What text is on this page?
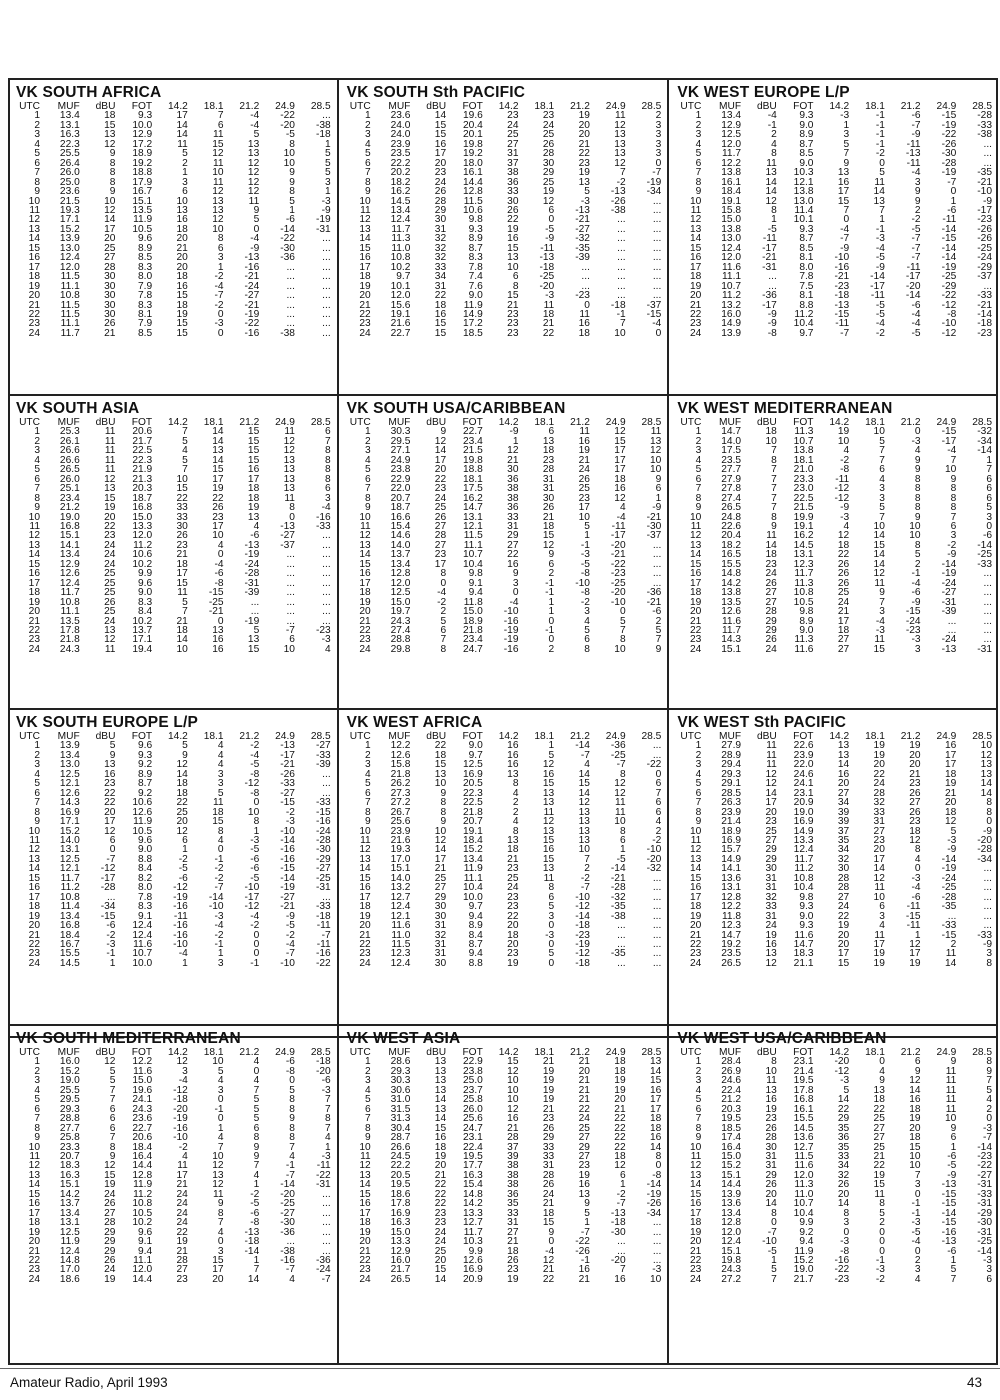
VK SOUTH AFRICA
UTC	MUF	dBU	FOT	14.2	18.1	21.2	24.9	28.5
1	13.4	18	9.3	17	7	-4	-22	...
2	13.1	15	10.0	14	6	-4	-20	-38
3	16.3	13	12.9	14	11	5	-5	-18
4	22.3	12	17.2	11	15	13	8	1
5	25.5	9	18.9	5	12	13	10	5
6	26.4	8	19.2	2	11	12	10	5
7	26.0	8	18.8	1	10	12	9	5
8	25.0	8	17.9	3	11	12	9	3
9	23.6	9	16.7	6	12	12	8	1
10	21.5	10	15.1	10	13	11	5	-3
11	19.3	12	13.5	13	13	9	1	-9
12	17.1	14	11.9	16	12	5	-6	-19
13	15.2	17	10.5	18	10	0	-14	-31
14	13.9	20	9.6	20	8	-4	-22	...
15	13.0	25	8.9	21	6	-9	-30	...
16	12.4	27	8.5	20	3	-13	-36	...
17	12.0	28	8.3	20	1	-16	...	...
18	11.5	30	8.0	18	-2	-21	...	...
19	11.1	30	7.9	16	-4	-24	...	...
20	10.8	30	7.8	15	-7	-27	...	...
21	11.5	30	8.3	18	-2	-21	...	...
22	11.5	30	8.1	19	0	-19	...	...
23	11.1	26	7.9	15	-3	-22	...	...
24	11.7	21	8.5	15	0	-16	-38	...
VK SOUTH Sth PACIFIC
UTC	MUF	dBU	FOT	14.2	18.1	21.2	24.9	28.5
1	23.6	14	19.6	23	23	19	11	2
2	24.0	15	20.4	24	24	20	12	3
3	24.0	15	20.1	25	25	20	13	3
4	23.9	16	19.8	27	26	21	13	3
5	23.5	17	19.2	31	28	22	13	3
6	22.2	20	18.0	37	30	23	12	0
7	20.2	23	16.1	38	29	19	7	-7
8	18.2	24	14.4	36	25	13	-2	-19
9	16.2	26	12.8	33	19	5	-13	-34
10	14.5	28	11.5	30	12	-3	-26	...
11	13.4	29	10.6	26	6	-13	-38	...
12	12.4	30	9.8	22	0	-21	...	...
13	11.7	31	9.3	19	-5	-27	...	...
14	11.3	32	8.9	16	-9	-32	...	...
15	11.0	32	8.7	15	-11	-35	...	...
16	10.8	32	8.3	13	-13	-39	...	...
17	10.2	33	7.8	10	-18	...	...	...
18	9.7	34	7.4	6	-25	...	...	...
19	10.1	31	7.6	8	-20	...	...	...
20	12.0	22	9.0	15	-3	-23	...	...
21	15.6	18	11.9	21	11	0	-18	-37
22	19.1	16	14.9	23	18	11	-1	-15
23	21.6	15	17.2	23	21	16	7	-4
24	22.7	15	18.5	23	22	18	10	0
VK WEST EUROPE L/P
UTC	MUF	dBU	FOT	14.2	18.1	21.2	24.9	28.5
1	13.4	-4	9.3	-3	-1	-6	-15	-28
2	12.9	-1	9.0	1	-1	-7	-19	-33
3	12.5	2	8.9	3	-1	-9	-22	-38
4	12.0	4	8.7	5	-1	-11	-26	...
5	11.7	8	8.5	7	-2	-13	-30	...
6	12.2	11	9.0	9	0	-11	-28	...
7	13.8	13	10.3	13	5	-4	-19	-35
8	16.1	14	12.1	16	11	3	-7	-21
9	18.4	14	13.8	17	14	9	0	-10
10	19.1	12	13.0	15	13	9	1	-9
11	15.8	8	11.4	7	7	2	-6	-17
12	15.0	1	10.1	0	1	-2	-11	-23
13	13.8	-5	9.3	-4	-1	-5	-14	-26
14	13.0	-11	8.7	-7	-3	-7	-15	-26
15	12.4	-17	8.5	-9	-4	-7	-14	-25
16	12.0	-21	8.1	-10	-5	-7	-14	-24
17	11.6	-31	8.0	-16	-9	-11	-19	-29
18	11.1	...	7.8	-21	-14	-17	-25	-37
19	10.7	...	7.5	-23	-17	-20	-29	...
20	11.2	-36	8.1	-18	-11	-14	-22	-33
21	13.2	-17	8.8	-13	-5	-6	-12	-21
22	16.0	-9	11.2	-15	-5	-4	-8	-14
23	14.9	-9	10.4	-11	-4	-4	-10	-18
24	13.9	-8	9.7	-7	-2	-5	-12	-23
VK SOUTH ASIA
UTC	MUF	dBU	FOT	14.2	18.1	21.2	24.9	28.5
1	25.3	11	20.6	7	14	15	11	6
2	26.1	11	21.7	5	14	15	12	7
3	26.6	11	22.5	4	13	15	12	8
4	26.6	11	22.3	5	14	15	13	8
5	26.5	11	21.9	7	15	16	13	8
6	26.0	12	21.3	10	17	17	13	8
7	25.1	13	20.3	15	19	18	13	6
8	23.4	15	18.7	22	22	18	11	3
9	21.2	19	16.8	33	26	19	8	-4
10	19.0	20	15.0	33	23	13	0	-16
11	16.8	22	13.3	30	17	4	-13	-33
12	15.1	23	12.0	26	10	-6	-27	...
13	14.1	24	11.2	23	4	-13	-37	...
14	13.4	24	10.6	21	0	-19	...	...
15	12.9	24	10.2	18	-4	-24	...	...
16	12.6	25	9.9	17	-6	-28	...	...
17	12.4	25	9.6	15	-8	-31	...	...
18	11.7	25	9.0	11	-15	-39	...	...
19	10.8	26	8.3	5	-25	...	...	...
20	11.1	25	8.4	7	-21	...	...	...
21	13.5	24	10.2	21	0	-19	...	...
22	17.8	13	13.7	18	13	5	-7	-23
23	21.8	12	17.1	14	16	13	6	-3
24	24.3	11	19.4	10	16	15	10	4
VK SOUTH USA/CARIBBEAN
UTC	MUF	dBU	FOT	14.2	18.1	21.2	24.9	28.5
1	30.3	9	22.7	-9	6	11	12	11
2	29.5	12	23.4	1	13	16	15	13
3	27.1	14	21.5	12	18	19	17	12
4	24.9	17	19.8	21	23	21	17	10
5	23.8	20	18.8	30	28	24	17	10
6	22.9	22	18.1	36	31	26	18	9
7	22.0	23	17.5	38	31	25	16	6
8	20.7	24	16.2	38	30	23	12	1
9	18.7	25	14.7	36	26	17	4	-9
10	16.6	26	13.1	33	21	10	-4	-21
11	15.4	27	12.1	31	18	5	-11	-30
12	14.6	28	11.5	29	15	1	-17	-37
13	14.0	27	11.1	27	12	-1	-20	...
14	13.7	23	10.7	22	9	-3	-21	...
15	13.4	17	10.4	16	6	-5	-22	...
16	12.8	8	9.8	9	2	-8	-23	...
17	12.0	0	9.1	3	-1	-10	-25	...
18	12.5	-4	9.4	0	-1	-8	-20	-36
19	15.0	-2	11.8	-4	1	-2	-10	-21
20	19.7	2	15.0	-10	1	3	0	-6
21	24.3	5	18.9	-16	0	4	5	2
22	27.4	6	21.8	-19	-1	5	7	5
23	28.8	7	23.4	-19	0	6	8	7
24	29.8	8	24.7	-16	2	8	10	9
VK WEST MEDITERRANEAN
UTC	MUF	dBU	FOT	14.2	18.1	21.2	24.9	28.5
1	14.7	18	11.3	19	10	0	-15	-32
2	14.0	10	10.7	10	5	-3	-17	-34
3	17.5	7	13.8	4	7	4	-4	-14
4	23.5	8	18.1	-2	7	9	7	1
5	27.7	7	21.0	-8	6	9	10	7
6	27.9	7	23.3	-11	4	8	9	6
7	27.8	7	23.0	-12	3	8	8	6
8	27.4	7	22.5	-12	3	8	8	6
9	26.5	7	21.5	-9	5	8	8	5
10	24.8	8	19.9	-3	7	9	7	3
11	22.6	9	19.1	4	10	10	6	0
12	20.4	11	16.2	12	14	10	3	-6
13	18.2	14	14.5	18	15	8	-2	-14
14	16.5	18	13.1	22	14	5	-9	-25
15	15.5	23	12.3	26	14	2	-14	-33
16	14.8	24	11.7	26	12	-1	-19	...
17	14.2	26	11.3	26	11	-4	-24	...
18	13.8	27	10.8	25	9	-6	-27	...
19	13.5	27	10.5	24	7	-9	-31	...
20	12.6	28	9.8	21	3	-15	-39	...
21	11.6	29	8.9	17	-4	-24	...	...
22	11.7	29	9.0	18	-3	-23	...	...
23	14.3	26	11.3	27	11	-3	-24	...
24	15.1	24	11.6	27	15	3	-13	-31
VK SOUTH EUROPE L/P
UTC	MUF	dBU	FOT	14.2	18.1	21.2	24.9	28.5
1	13.9	5	9.6	5	4	-2	-13	-27
2	13.4	9	9.3	9	4	-4	-17	-33
3	13.0	13	9.2	12	4	-5	-21	-39
4	12.5	16	8.9	14	3	-8	-26	...
5	12.1	23	8.7	18	3	-12	-33	...
6	12.6	22	9.2	18	5	-8	-27	...
7	14.3	22	10.6	22	11	0	-15	-33
8	16.9	20	12.6	25	18	10	-2	-15
9	17.1	17	11.9	20	15	8	-3	-16
10	15.2	12	10.5	12	8	1	-10	-24
11	14.0	6	9.6	6	4	-3	-14	-28
12	13.1	0	9.0	1	0	-5	-16	-30
13	12.5	-7	8.8	-2	-1	-6	-16	-29
14	12.1	-12	8.4	-5	-2	-6	-15	-27
15	11.7	-17	8.2	-6	-2	-5	-14	-25
16	11.2	-28	8.0	-12	-7	-10	-19	-31
17	10.8	...	7.8	-19	-14	-17	-27	...
18	11.4	-34	8.3	-16	-10	-12	-21	-33
19	13.4	-15	9.1	-11	-3	-4	-9	-18
20	16.8	-6	12.4	-16	-4	-2	-5	-11
21	18.4	-2	12.4	-16	-2	0	-2	-7
22	16.7	-3	11.6	-10	-1	0	-4	-11
23	15.5	-1	10.7	-4	1	0	-7	-16
24	14.5	1	10.0	1	3	-1	-10	-22
VK WEST AFRICA
UTC	MUF	dBU	FOT	14.2	18.1	21.2	24.9	28.5
1	12.2	22	9.0	16	1	-14	-36	...
2	12.6	18	9.7	16	5	-7	-25	...
3	15.8	15	12.5	16	12	4	-7	-22
4	21.8	13	16.9	13	16	14	8	0
5	26.2	10	20.5	8	15	15	12	6
6	27.3	9	22.3	4	13	14	12	7
7	27.2	8	22.5	2	13	12	11	6
8	26.7	8	21.8	2	11	13	11	6
9	25.6	9	20.7	4	12	13	10	4
10	23.9	10	19.1	8	13	13	8	2
11	21.6	12	18.4	13	15	13	6	-2
12	19.3	14	15.2	18	16	10	1	-10
13	17.0	17	13.4	21	15	7	-5	-20
14	15.1	21	11.9	23	13	2	-14	-32
15	14.0	25	11.1	25	11	-2	-21	...
16	13.2	27	10.4	24	8	-7	-28	...
17	12.7	29	10.0	23	6	-10	-32	...
18	12.4	30	9.7	23	5	-12	-35	...
19	12.1	30	9.4	22	3	-14	-38	...
20	11.6	31	8.9	20	0	-18	...	...
21	11.0	32	8.4	18	-3	-23	...	...
22	11.5	31	8.7	20	0	-19	...	...
23	12.3	31	9.4	23	5	-12	-35	...
24	12.4	30	8.8	19	0	-18	...	...
VK WEST Sth PACIFIC
UTC	MUF	dBU	FOT	14.2	18.1	21.2	24.9	28.5
1	27.9	11	22.6	13	19	19	16	10
2	28.9	11	23.9	13	19	20	17	12
3	29.4	11	22.0	14	20	20	17	13
4	29.3	12	24.6	16	22	21	18	13
5	29.1	12	24.1	20	24	23	19	14
6	28.5	14	23.1	27	28	26	21	14
7	26.3	17	20.9	34	32	27	20	8
8	23.9	20	19.0	39	33	26	18	8
9	21.4	23	16.9	39	31	23	12	0
10	18.9	25	14.9	37	27	18	5	-9
11	16.9	27	13.3	35	23	12	-3	-20
12	15.7	29	12.4	34	20	8	-9	-28
13	14.9	29	11.7	32	17	4	-14	-34
14	14.1	30	11.2	30	14	0	-19	...
15	13.6	31	10.8	28	12	-3	-24	...
16	13.1	31	10.4	28	11	-4	-25	...
17	12.8	32	9.8	27	10	-6	-28	...
18	12.2	33	9.3	24	6	-11	-35	...
19	11.8	31	9.0	22	3	-15	...	...
20	12.3	24	9.3	19	4	-11	-33	...
21	14.7	19	11.6	20	11	1	-15	-33
22	19.2	16	14.7	20	17	12	2	-9
23	23.5	13	18.3	17	19	17	11	3
24	26.5	12	21.1	15	19	19	14	8
VK SOUTH MEDITERRANEAN
UTC	MUF	dBU	FOT	14.2	18.1	21.2	24.9	28.5
1	16.0	12	12.2	12	10	4	-6	-18
2	15.2	5	11.6	3	5	0	-8	-20
3	19.0	5	15.0	-4	4	4	0	-6
4	25.5	7	19.6	-12	3	7	5	-3
5	29.5	7	24.1	-18	0	5	8	7
6	29.3	6	24.3	-20	-1	5	8	7
7	28.8	6	23.6	-19	0	5	9	8
8	27.7	6	22.7	-16	1	6	8	7
9	25.8	7	20.6	-10	4	8	8	4
10	23.3	8	18.4	-2	7	9	7	1
11	20.7	9	16.4	4	10	9	4	-3
12	18.3	12	14.4	11	12	7	-1	-11
13	16.3	15	12.8	17	13	4	-7	-22
14	15.1	19	11.9	21	12	1	-14	-31
15	14.2	24	11.2	24	11	-2	-20	...
16	13.7	26	10.8	24	9	-5	-25	...
17	13.4	27	10.5	24	8	-6	-27	...
18	13.1	28	10.2	24	7	-8	-30	...
19	12.5	29	9.6	22	4	-13	-36	...
20	11.9	29	9.1	19	0	-18	...	...
21	12.4	29	9.4	21	3	-14	-38	...
22	14.8	26	11.1	28	15	1	-16	-36
23	17.0	24	12.0	27	17	7	-7	-24
24	18.6	19	14.4	23	20	14	4	-7
VK WEST ASIA
UTC	MUF	dBU	FOT	14.2	18.1	21.2	24.9	28.5
1	28.6	13	22.9	15	21	21	18	13
2	29.3	13	23.8	12	19	20	18	14
3	30.3	13	25.0	10	19	21	19	15
4	30.6	13	23.7	10	19	21	19	16
5	31.0	14	25.8	10	19	21	20	17
6	31.5	13	26.0	12	21	22	21	17
7	31.3	14	25.6	16	23	24	22	18
8	30.4	15	24.7	21	26	25	22	18
9	28.7	16	23.1	28	29	27	22	16
10	26.6	18	22.4	37	33	29	22	14
11	24.5	19	19.5	39	33	27	18	8
12	22.2	20	17.7	38	31	23	12	0
13	20.5	21	16.3	38	28	19	6	-8
14	19.5	22	15.4	38	26	16	1	-14
15	18.6	22	14.8	36	24	13	-2	-19
16	17.8	22	14.2	35	21	9	-7	-26
17	16.9	23	13.3	33	18	5	-13	-34
18	16.3	23	12.7	31	15	1	-18	...
19	15.0	24	11.7	27	9	-7	-30	...
20	13.3	24	10.3	21	0	-22	...	...
21	12.9	25	9.9	18	-4	-26	...	...
22	16.0	20	12.6	26	12	-1	-20	...
23	21.7	15	16.9	23	21	16	7	-3
24	26.5	14	20.9	19	22	21	16	10
VK WEST USA/CARIBBEAN
UTC	MUF	dBU	FOT	14.2	18.1	21.2	24.9	28.5
1	28.4	8	23.1	-20	0	6	9	8
2	26.9	10	21.4	-12	4	9	11	9
3	24.6	11	19.5	-3	9	12	11	7
4	22.4	13	17.8	5	13	14	11	5
5	21.2	16	16.8	14	18	16	11	4
6	20.3	19	16.1	22	22	18	11	2
7	19.5	23	15.5	29	25	19	10	0
8	18.5	26	14.5	35	27	20	9	-3
9	17.4	28	13.6	36	27	18	6	-7
10	16.4	30	12.7	35	25	15	1	-14
11	15.0	31	11.5	33	21	10	-6	-23
12	15.2	31	11.6	34	22	10	-5	-22
13	15.1	29	12.0	32	19	7	-9	-27
14	14.4	26	11.3	26	15	3	-13	-31
15	13.9	20	11.0	20	11	0	-15	-33
16	13.6	14	10.7	14	8	-1	-15	-31
17	13.4	8	10.4	8	5	-1	-14	-29
18	12.8	0	9.9	3	2	-3	-15	-30
19	12.0	-7	9.2	0	0	-5	-16	-31
20	12.4	-10	9.4	-3	0	-4	-13	-25
21	15.1	-5	11.9	-8	0	0	-6	-14
22	19.8	1	15.2	-16	-1	2	1	-3
23	24.3	5	19.0	-22	-3	3	5	3
24	27.2	7	21.7	-23	-2	4	7	6
Amateur Radio, April 1993	43
